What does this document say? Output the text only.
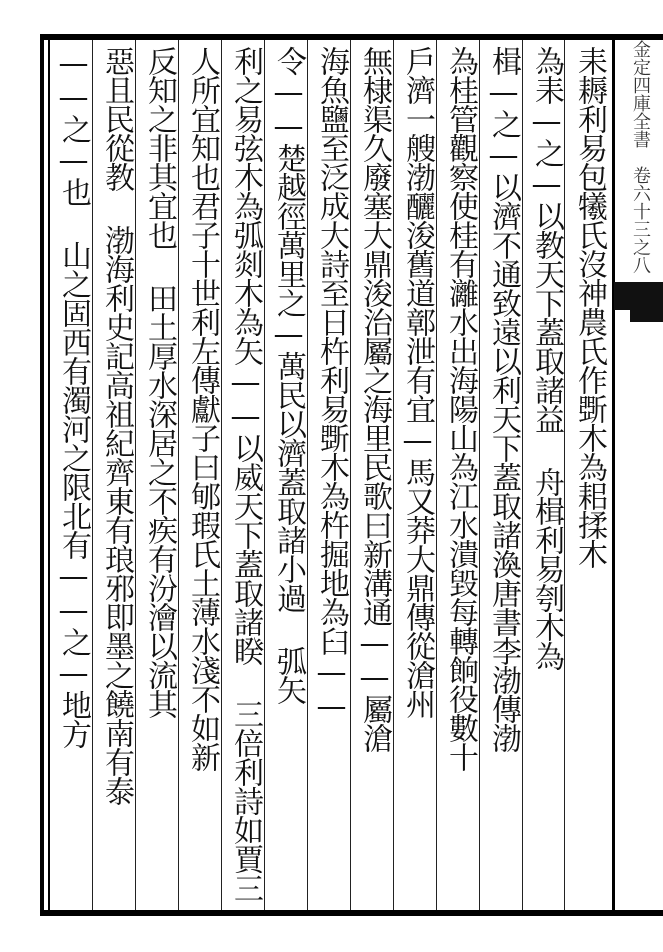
金定四庫全書　卷六十三之八
耒耨利易包犧氏沒神農氏作斲木為耜揉木
為耒—之—以教天下蓋取諸益 舟楫利易刳木為
楫—之—以濟不通致遠以利天下蓋取諸渙唐書李渤傳渤
為桂管觀察使桂有灕水出海陽山為江水潰毀每轉餉役數十
戶濟一艘渤釃浚舊道鄣泄有宜—馬又莽大鼎傳從滄州
無棣渠久廢塞大鼎浚治屬之海里民歌曰新溝通——屬滄
海魚鹽至泛成大詩至日杵利易斲木為杵掘地為臼——
令——楚越徑萬里之—萬民以濟蓋取諸小過 弧矢
利之易弦木為弧剡木為矢——以威天下蓋取諸睽 三倍利詩如賈三
人所宜知也君子十世利左傳獻子曰郇瑕氏土薄水淺不如新
反知之非其宜也 田土厚水深居之不疾有汾澮以流其
惡且民從教 渤海利史記高祖紀齊東有琅邪即墨之饒南有泰
——之—也 山之固西有濁河之限北有——之—地方
